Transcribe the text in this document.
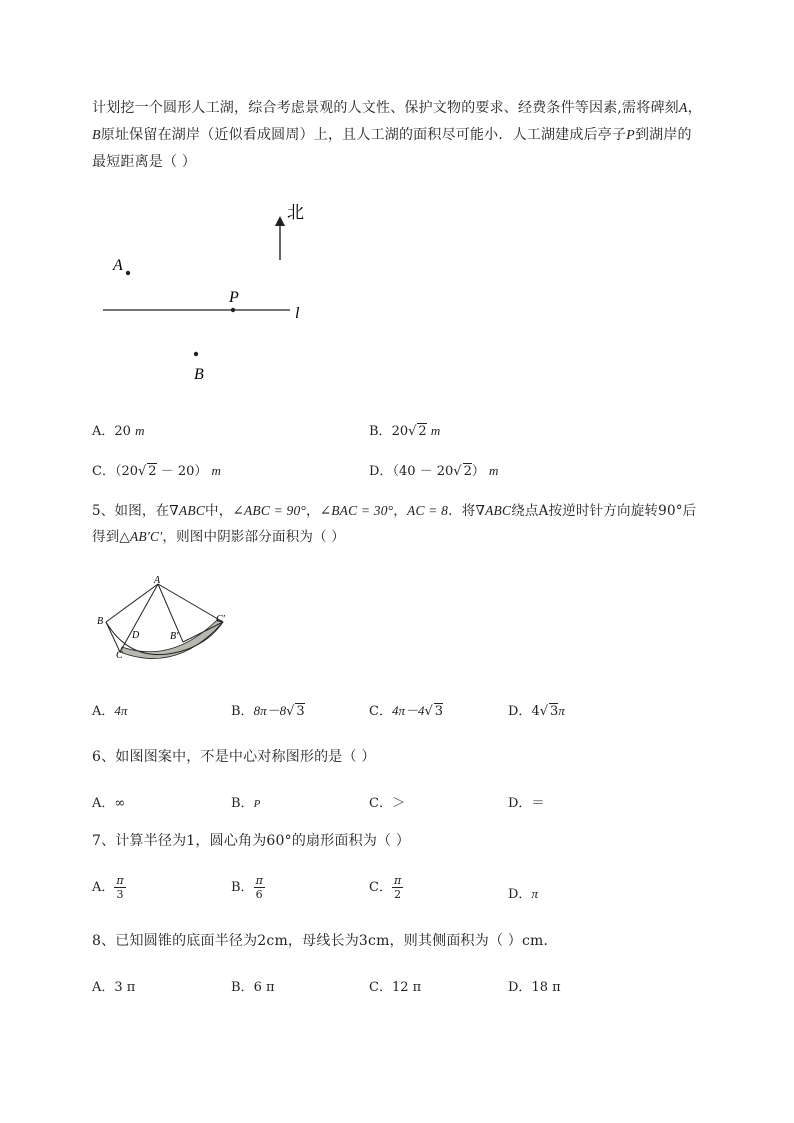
计划挖一个圆形人工湖，综合考虑景观的人文性、保护文物的要求、经费条件等因素,需将碑刻A，
B原址保留在湖岸（近似看成圆周）上，且人工湖的面积尽可能小．人工湖建成后亭子P到湖岸的
最短距离是（ ）
北
A
P
l
B
A．20 m	B．20√ 2 m
C．（20√ 2 － 20） m	D．（40 － 20√ 2） m
5、如图，在∇ABC中，∠ABC = 90°，∠BAC = 30°，AC = 8．将∇ABC绕点A按逆时针方向旋转90°后
得到△AB′C′，则图中阴影部分面积为（ ）
A
B
C
D	B′
C′
A．4π	B．8π－8√ 3	C．4π－4√ 3	D．4√ 3π
6、如图图案中，不是中心对称图形的是（ ）
A．∞	B．P	C．＞	D．＝
7、计算半径为1，圆心角为60°的扇形面积为（ ）
A． $\frac{\pi}{3}$	B． $\frac{\pi}{6}$	C． $\frac{\pi}{2}$	D．π
8、已知圆锥的底面半径为2cm，母线长为3cm，则其侧面积为（ ）cm．
A．3 π	B．6 π	C．12 π	D．18 π
